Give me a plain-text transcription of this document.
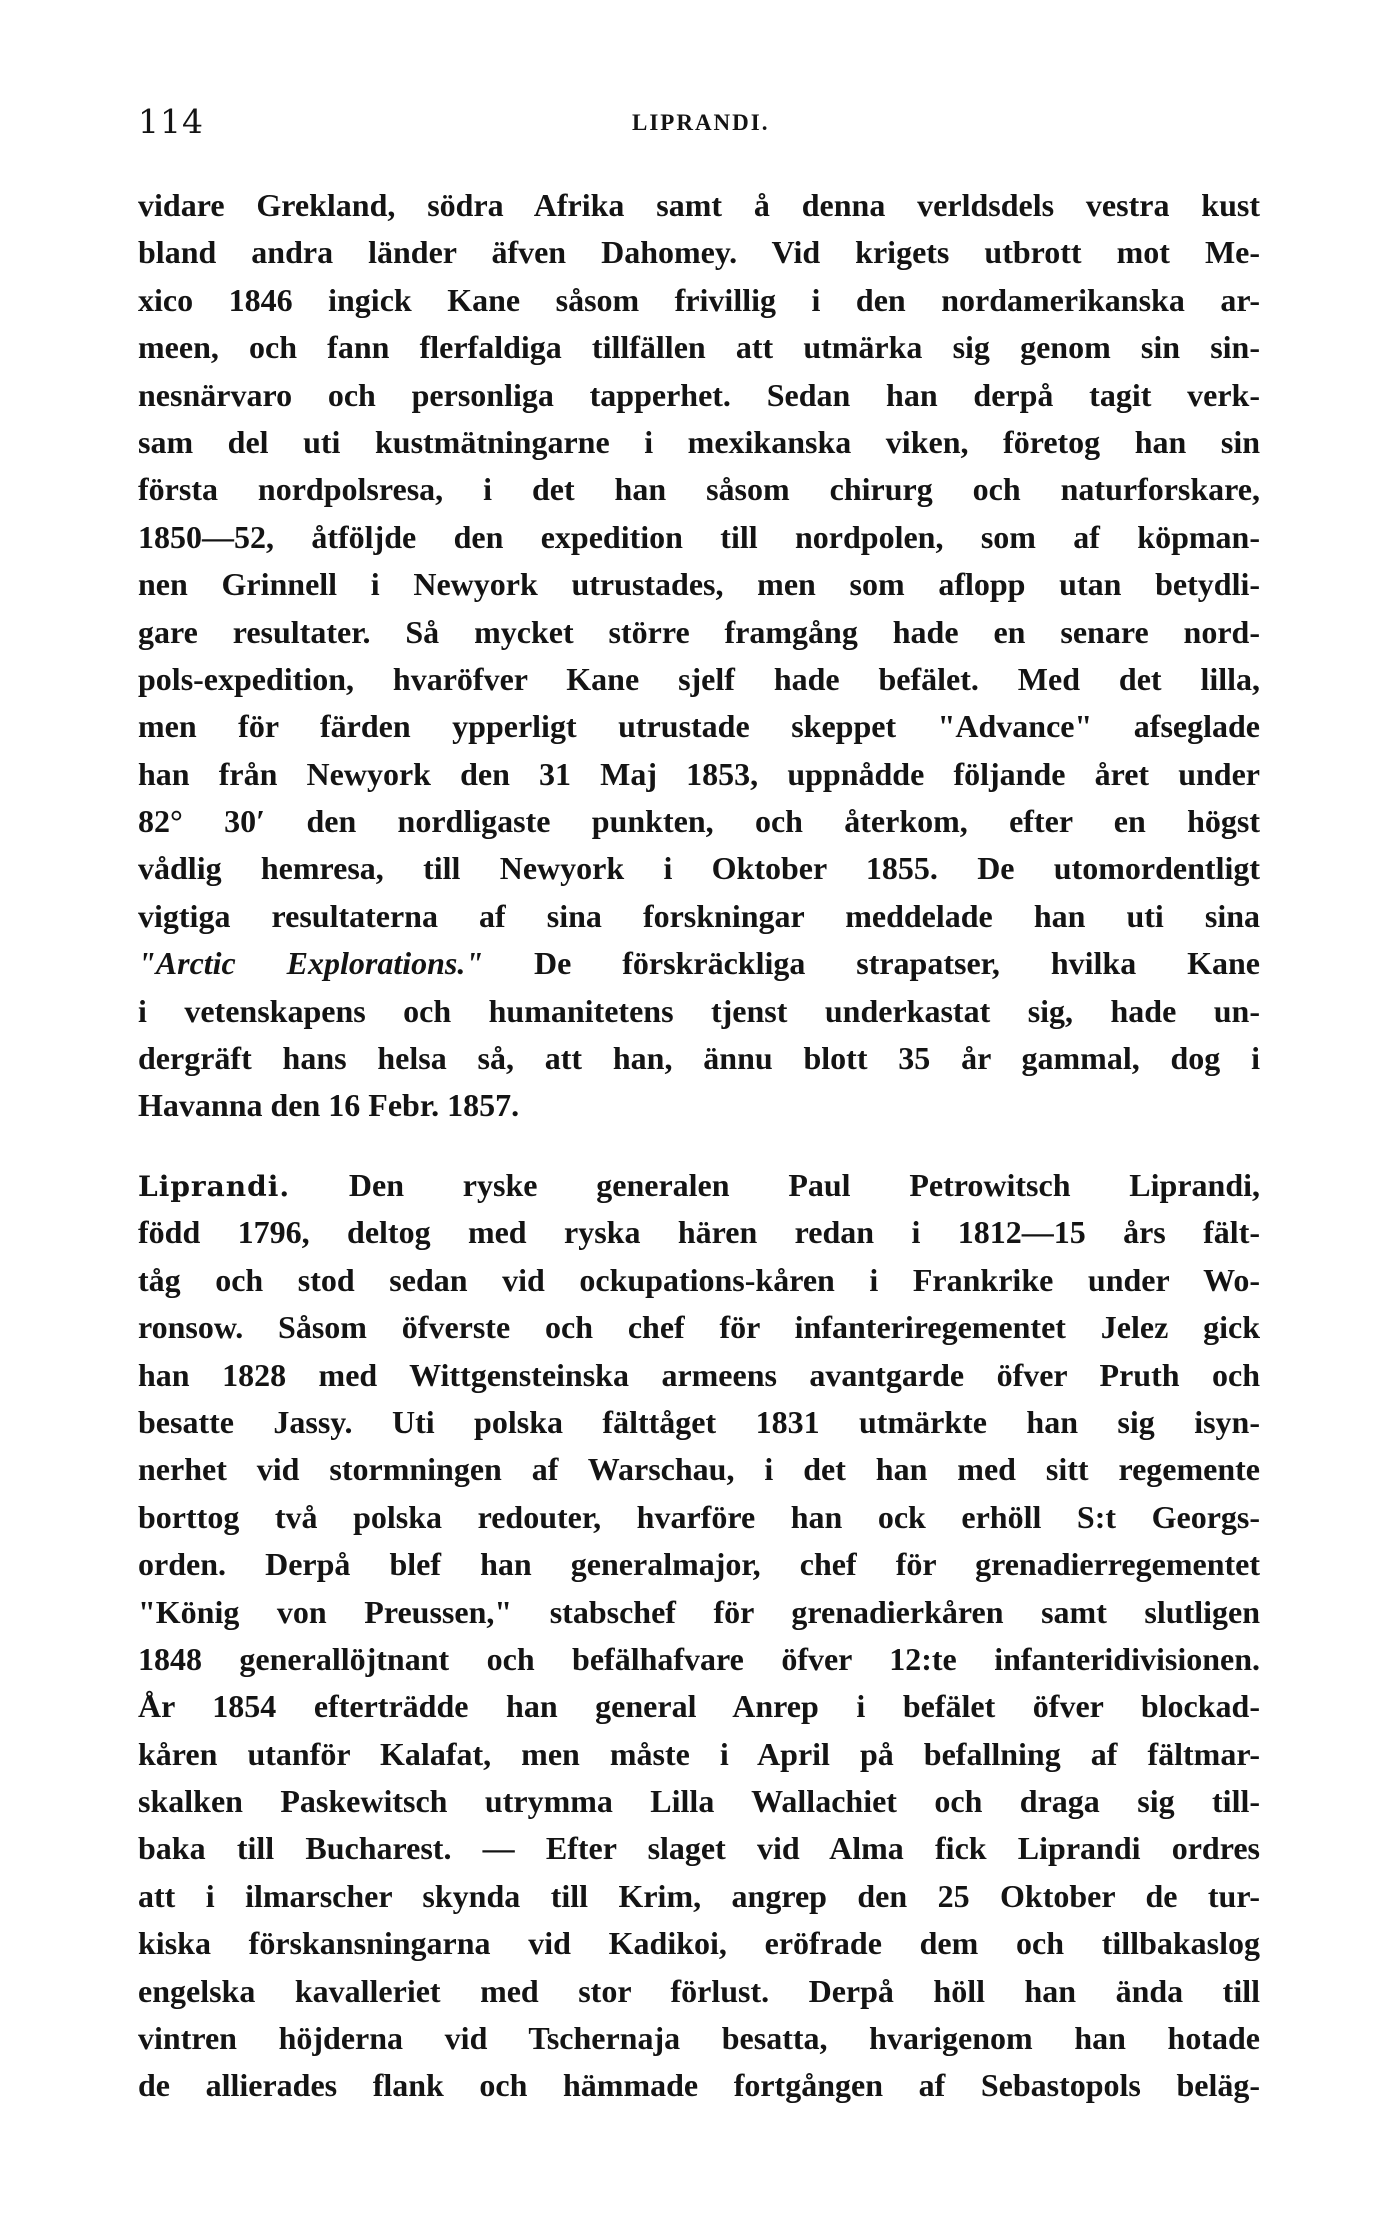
114	LIPRANDI.
vidare Grekland, södra Afrika samt å denna verldsdels vestra kust
bland andra länder äfven Dahomey. Vid krigets utbrott mot Me-
xico 1846 ingick Kane såsom frivillig i den nordamerikanska ar-
meen, och fann flerfaldiga tillfällen att utmärka sig genom sin sin-
nesnärvaro och personliga tapperhet. Sedan han derpå tagit verk-
sam del uti kustmätningarne i mexikanska viken, företog han sin
första nordpolsresa, i det han såsom chirurg och naturforskare,
1850—52, åtföljde den expedition till nordpolen, som af köpman-
nen Grinnell i Newyork utrustades, men som aflopp utan betydli-
gare resultater. Så mycket större framgång hade en senare nord-
pols-expedition, hvaröfver Kane sjelf hade befälet. Med det lilla,
men för färden ypperligt utrustade skeppet "Advance" afseglade
han från Newyork den 31 Maj 1853, uppnådde följande året under
82° 30′ den nordligaste punkten, och återkom, efter en högst
vådlig hemresa, till Newyork i Oktober 1855. De utomordentligt
vigtiga resultaterna af sina forskningar meddelade han uti sina
"Arctic Explorations." De förskräckliga strapatser, hvilka Kane
i vetenskapens och humanitetens tjenst underkastat sig, hade un-
dergräft hans helsa så, att han, ännu blott 35 år gammal, dog i
Havanna den 16 Febr. 1857.
Liprandi. Den ryske generalen Paul Petrowitsch Liprandi,
född 1796, deltog med ryska hären redan i 1812—15 års fält-
tåg och stod sedan vid ockupations-kåren i Frankrike under Wo-
ronsow. Såsom öfverste och chef för infanteriregementet Jelez gick
han 1828 med Wittgensteinska armeens avantgarde öfver Pruth och
besatte Jassy. Uti polska fälttåget 1831 utmärkte han sig isyn-
nerhet vid stormningen af Warschau, i det han med sitt regemente
borttog två polska redouter, hvarföre han ock erhöll S:t Georgs-
orden. Derpå blef han generalmajor, chef för grenadierregementet
"König von Preussen," stabschef för grenadierkåren samt slutligen
1848 generallöjtnant och befälhafvare öfver 12:te infanteridivisionen.
År 1854 efterträdde han general Anrep i befälet öfver blockad-
kåren utanför Kalafat, men måste i April på befallning af fältmar-
skalken Paskewitsch utrymma Lilla Wallachiet och draga sig till-
baka till Bucharest. — Efter slaget vid Alma fick Liprandi ordres
att i ilmarscher skynda till Krim, angrep den 25 Oktober de tur-
kiska förskansningarna vid Kadikoi, eröfrade dem och tillbakaslog
engelska kavalleriet med stor förlust. Derpå höll han ända till
vintren höjderna vid Tschernaja besatta, hvarigenom han hotade
de allierades flank och hämmade fortgången af Sebastopols beläg-
